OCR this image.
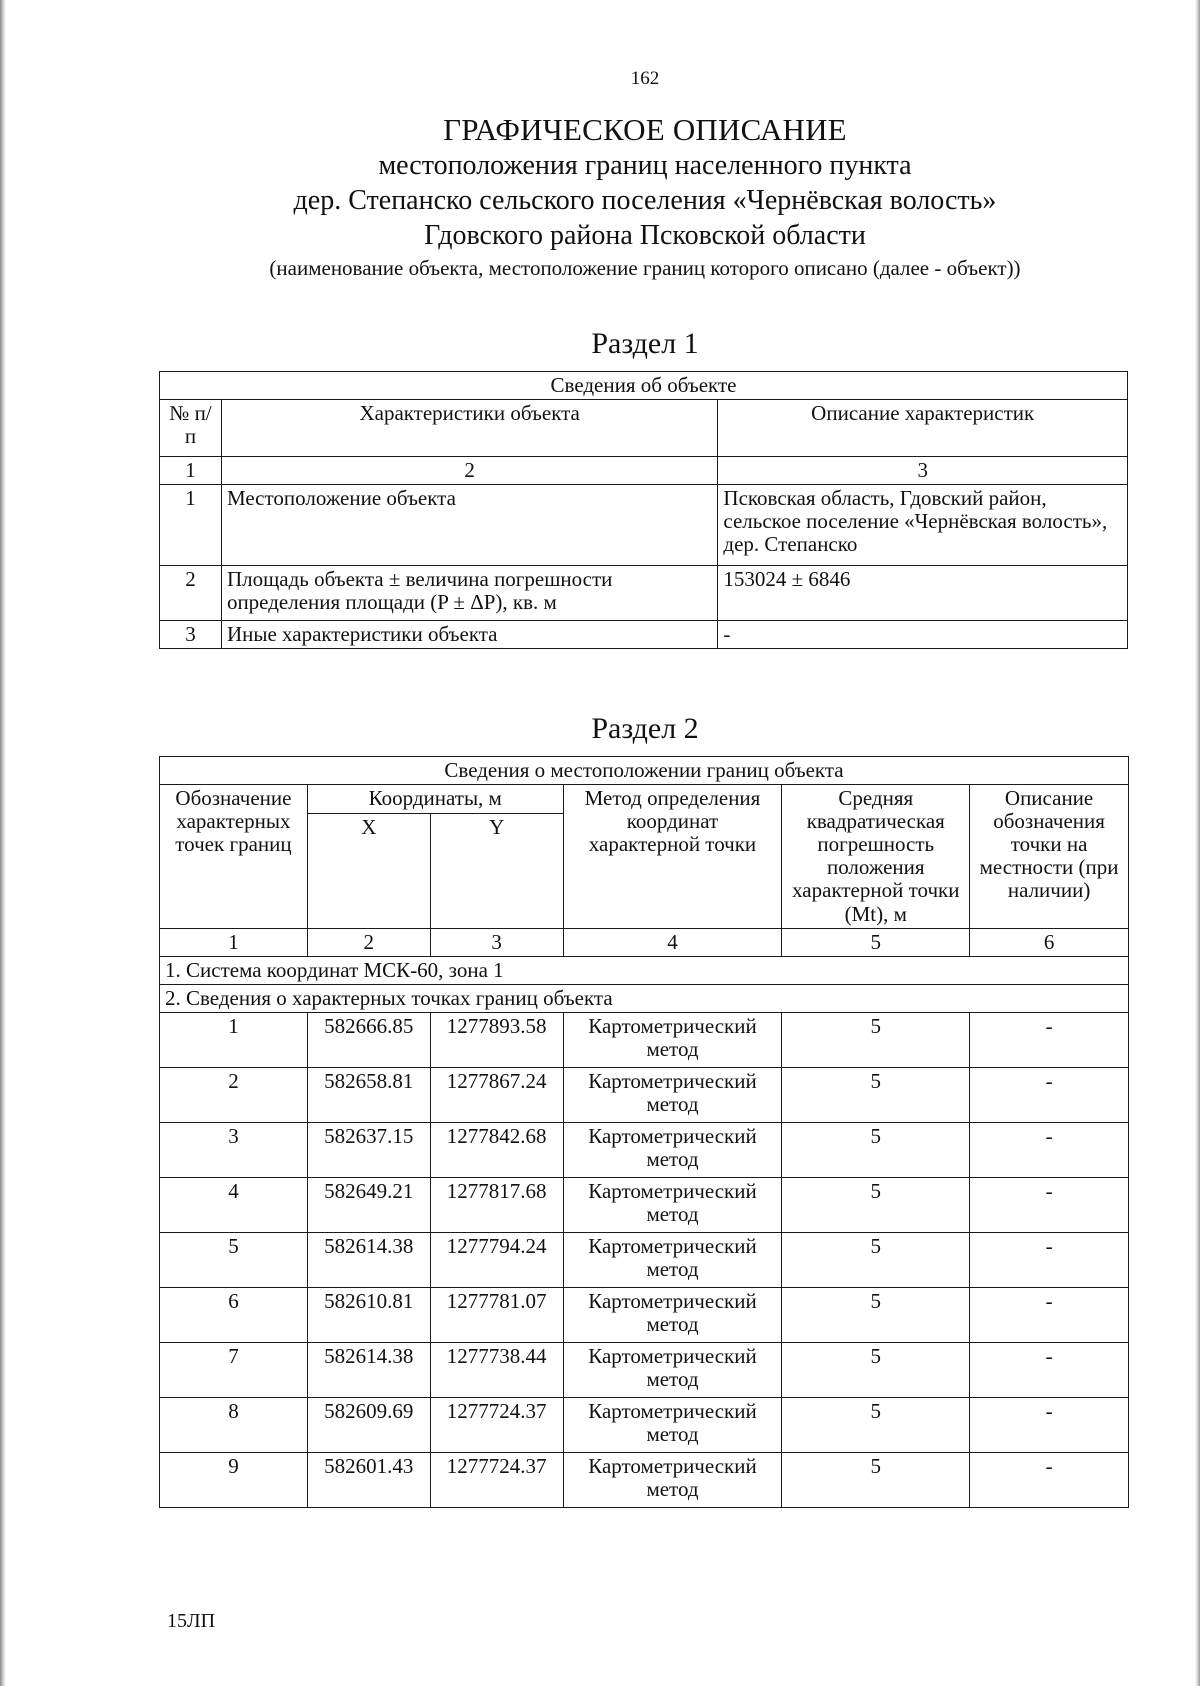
162
ГРАФИЧЕСКОЕ ОПИСАНИЕ
местоположения границ населенного пункта
дер. Степанско сельского поселения «Чернёвская волость»
Гдовского района Псковской области
(наименование объекта, местоположение границ которого описано (далее - объект))
Раздел 1
Сведения об объекте		
№ п/п	Характеристики объекта	Описание характеристик
1	2	3
1	Местоположение объекта	Псковская область, Гдовский район, сельское поселение «Чернёвская волость», дер. Степанско
2	Площадь объекта ± величина погрешности определения площади (P ± ΔP), кв. м	153024 ± 6846
3	Иные характеристики объекта	-
Раздел 2
Сведения о местоположении границ объекта					
Обозначение характерных точек границ	Координаты, м		Метод определения координат характерной точки	Средняя квадратическая погрешность положения характерной точки (Mt), м	Описание обозначения точки на местности (при наличии)
	X	Y			
1	2	3	4	5	6
1. Система координат МСК-60, зона 1					
2. Сведения о характерных точках границ объекта					
1	582666.85	1277893.58	Картометрический метод	5	-
2	582658.81	1277867.24	Картометрический метод	5	-
3	582637.15	1277842.68	Картометрический метод	5	-
4	582649.21	1277817.68	Картометрический метод	5	-
5	582614.38	1277794.24	Картометрический метод	5	-
6	582610.81	1277781.07	Картометрический метод	5	-
7	582614.38	1277738.44	Картометрический метод	5	-
8	582609.69	1277724.37	Картометрический метод	5	-
9	582601.43	1277724.37	Картометрический метод	5	-
15ЛП
